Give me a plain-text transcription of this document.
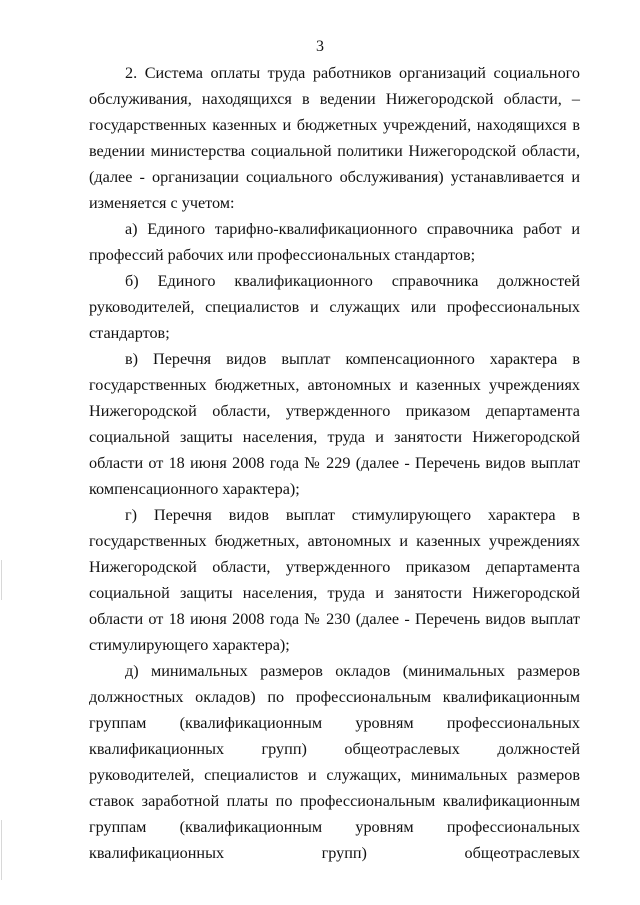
3

2. Система оплаты труда работников организаций социального обслуживания, находящихся в ведении Нижегородской области, – государственных казенных и бюджетных учреждений, находящихся в ведении министерства социальной политики Нижегородской области, (далее - организации социального обслуживания) устанавливается и изменяется с учетом:

а) Единого тарифно-квалификационного справочника работ и профессий рабочих или профессиональных стандартов;

б) Единого квалификационного справочника должностей руководителей, специалистов и служащих или профессиональных стандартов;

в) Перечня видов выплат компенсационного характера в государственных бюджетных, автономных и казенных учреждениях Нижегородской области, утвержденного приказом департамента социальной защиты населения, труда и занятости Нижегородской области от 18 июня 2008 года № 229 (далее - Перечень видов выплат компенсационного характера);

г) Перечня видов выплат стимулирующего характера в государственных бюджетных, автономных и казенных учреждениях Нижегородской области, утвержденного приказом департамента социальной защиты населения, труда и занятости Нижегородской области от 18 июня 2008 года № 230 (далее - Перечень видов выплат стимулирующего характера);

д) минимальных размеров окладов (минимальных размеров должностных окладов) по профессиональным квалификационным группам (квалификационным уровням профессиональных квалификационных групп) общеотраслевых должностей руководителей, специалистов и служащих, минимальных размеров ставок заработной платы по профессиональным квалификационным группам (квалификационным уровням профессиональных квалификационных групп) общеотраслевых
